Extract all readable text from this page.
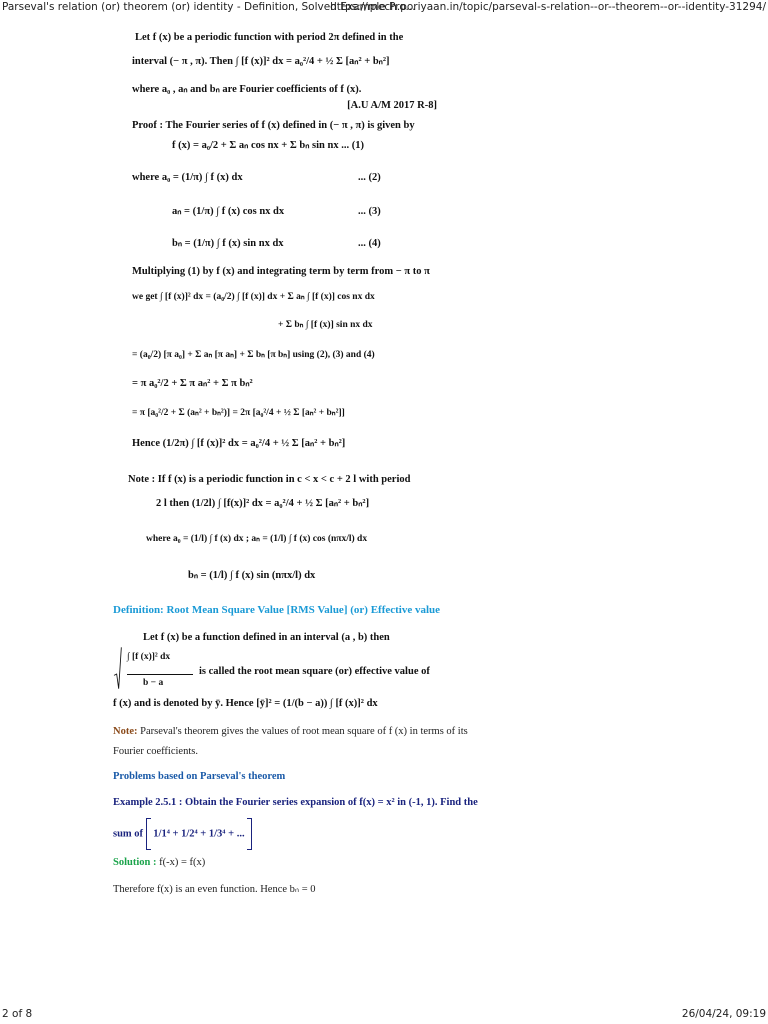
Parseval's relation (or) theorem (or) identity - Definition, Solved Example Pro...
https://mech.poriyaan.in/topic/parseval-s-relation--or--theorem--or--identity-31294/
Let f (x) be a periodic function with period 2π defined in the
interval (− π , π). Then ∫ [f (x)]² dx = a₀²/4 + ½ Σ [aₙ² + bₙ²]
where a₀ , aₙ and bₙ are Fourier coefficients of f (x).
[A.U A/M 2017 R-8]
Proof : The Fourier series of f (x) defined in (− π , π) is given by
f (x) = a₀/2 + Σ aₙ cos nx + Σ bₙ sin nx ... (1)
where a₀ = (1/π) ∫ f (x) dx	... (2)
aₙ = (1/π) ∫ f (x) cos nx dx	... (3)
bₙ = (1/π) ∫ f (x) sin nx dx	... (4)
Multiplying (1) by f (x) and integrating term by term from − π to π
we get ∫ [f (x)]² dx = (a₀/2) ∫ [f (x)] dx + Σ aₙ ∫ [f (x)] cos nx dx
+ Σ bₙ ∫ [f (x)] sin nx dx
= (a₀/2) [π a₀] + Σ aₙ [π aₙ] + Σ bₙ [π bₙ] using (2), (3) and (4)
= π a₀²/2 + Σ π aₙ² + Σ π bₙ²
= π [a₀²/2 + Σ (aₙ² + bₙ²)] = 2π [a₀²/4 + ½ Σ [aₙ² + bₙ²]]
Hence (1/2π) ∫ [f (x)]² dx = a₀²/4 + ½ Σ [aₙ² + bₙ²]
Note : If f (x) is a periodic function in c < x < c + 2 l with period
2 l then (1/2l) ∫ [f(x)]² dx = a₀²/4 + ½ Σ [aₙ² + bₙ²]
where a₀ = (1/l) ∫ f (x) dx ; aₙ = (1/l) ∫ f (x) cos (nπx/l) dx
bₙ = (1/l) ∫ f (x) sin (nπx/l) dx
Definition: Root Mean Square Value [RMS Value] (or) Effective value
Let f (x) be a function defined in an interval (a , b) then
∫ [f (x)]² dx
b − a
is called the root mean square (or) effective value of
f (x) and is denoted by ȳ. Hence [ȳ]² = (1/(b − a)) ∫ [f (x)]² dx
Note: Parseval's theorem gives the values of root mean square of f (x) in terms of its
Fourier coefficients.
Problems based on Parseval's theorem
Example 2.5.1 : Obtain the Fourier series expansion of f(x) = x² in (-1, 1). Find the
sum of 1/1⁴ + 1/2⁴ + 1/3⁴ + ...
Solution : f(-x) = f(x)
Therefore f(x) is an even function. Hence bₙ = 0
2 of 8	26/04/24, 09:19
